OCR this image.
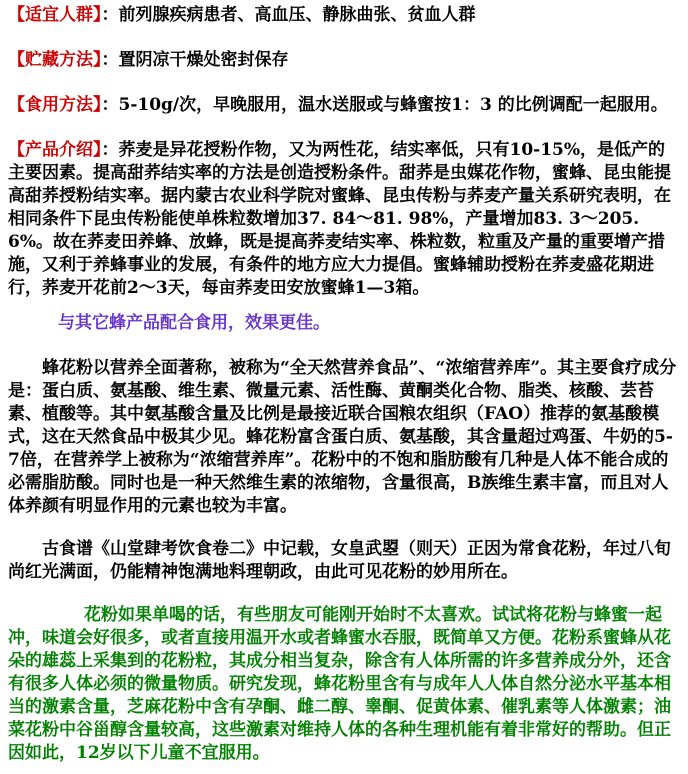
【适宜人群】：前列腺疾病患者、高血压、静脉曲张、贫血人群

【贮藏方法】：置阴凉干燥处密封保存

【食用方法】：5-10g/次，早晚服用，温水送服或与蜂蜜按1：3 的比例调配一起服用。

【产品介绍】：荞麦是异花授粉作物，又为两性花，结实率低，只有10-15%，是低产的主要因素。提高甜荞结实率的方法是创造授粉条件。甜荞是虫媒花作物，蜜蜂、昆虫能提高甜荞授粉结实率。据内蒙古农业科学院对蜜蜂、昆虫传粉与荞麦产量关系研究表明，在相同条件下昆虫传粉能使单株粒数增加37. 84～81. 98%，产量增加83. 3～205. 6%。故在荞麦田养蜂、放蜂，既是提高荞麦结实率、株粒数，粒重及产量的重要增产措施，又利于养蜂事业的发展，有条件的地方应大力提倡。蜜蜂辅助授粉在荞麦盛花期进行，荞麦开花前2～3天，每亩荞麦田安放蜜蜂1—3箱。

与其它蜂产品配合食用，效果更佳。

蜂花粉以营养全面著称，被称为“全天然营养食品”、“浓缩营养库”。其主要食疗成分是：蛋白质、氨基酸、维生素、微量元素、活性酶、黄酮类化合物、脂类、核酸、芸苔素、植酸等。其中氨基酸含量及比例是最接近联合国粮农组织（FAO）推荐的氨基酸模式，这在天然食品中极其少见。蜂花粉富含蛋白质、氨基酸，其含量超过鸡蛋、牛奶的5-7倍，在营养学上被称为“浓缩营养库”。花粉中的不饱和脂肪酸有几种是人体不能合成的必需脂肪酸。同时也是一种天然维生素的浓缩物，含量很高，B族维生素丰富，而且对人体养颜有明显作用的元素也较为丰富。

古食谱《山堂肆考饮食卷二》中记载，女皇武曌（则天）正因为常食花粉，年过八旬尚红光满面，仍能精神饱满地料理朝政，由此可见花粉的妙用所在。

花粉如果单喝的话，有些朋友可能刚开始时不太喜欢。试试将花粉与蜂蜜一起冲，味道会好很多，或者直接用温开水或者蜂蜜水吞服，既简单又方便。花粉系蜜蜂从花朵的雄蕊上采集到的花粉粒，其成分相当复杂，除含有人体所需的许多营养成分外，还含有很多人体必须的微量物质。研究发现，蜂花粉里含有与成年人人体自然分泌水平基本相当的激素含量，芝麻花粉中含有孕酮、雌二醇、睾酮、促黄体素、催乳素等人体激素；油菜花粉中谷甾醇含量较高，这些激素对维持人体的各种生理机能有着非常好的帮助。但正因如此，12岁以下儿童不宜服用。
